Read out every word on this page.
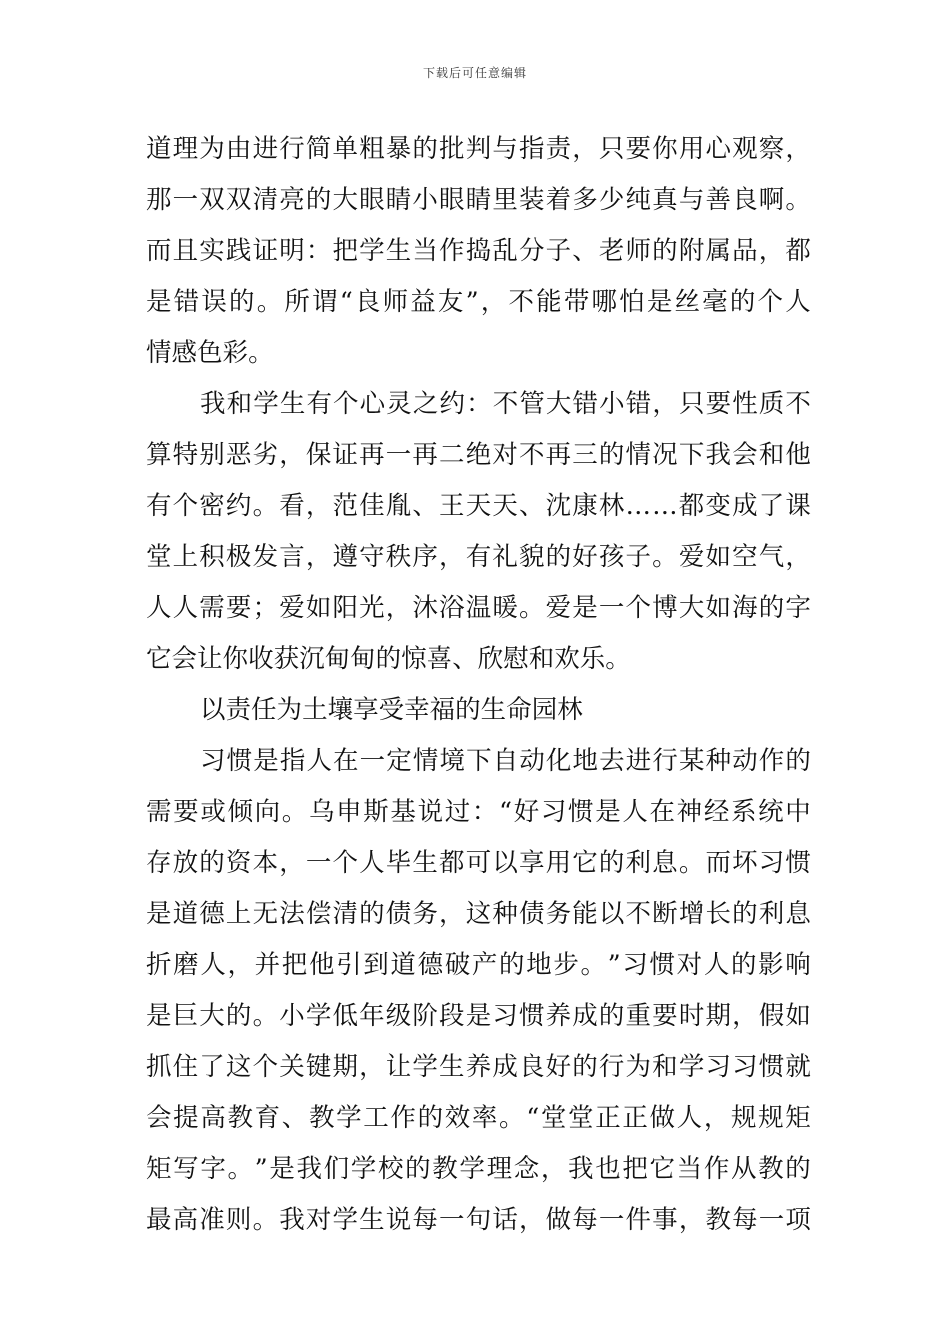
下载后可任意编辑
道 理 为 由 进 行 简 单 粗 暴 的 批 判 与 指 责 ， 只 要 你 用 心 观 察 ，
那 一 双 双 清 亮 的 大 眼 睛 小 眼 睛 里 装 着 多 少 纯 真 与 善 良 啊 。
而 且 实 践 证 明 ： 把 学 生 当 作 捣 乱 分 子 、 老 师 的 附 属 品 ， 都
是 错 误 的 。 所 谓 “ 良 师 益 友 ” ， 不 能 带 哪 怕 是 丝 毫 的 个 人
情 感 色 彩 。
我 和 学 生 有 个 心 灵 之 约 ： 不 管 大 错 小 错 ， 只 要 性 质 不
算 特 别 恶 劣 ， 保 证 再 一 再 二 绝 对 不 再 三 的 情 况 下 我 会 和 他
有 个 密 约 。 看 ， 范 佳 胤 、 王 天 天 、 沈 康 林 … … 都 变 成 了 课
堂 上 积 极 发 言 ， 遵 守 秩 序 ， 有 礼 貌 的 好 孩 子 。 爱 如 空 气 ，
人 人 需 要 ； 爱 如 阳 光 ， 沐 浴 温 暖 。 爱 是 一 个 博 大 如 海 的 字
它 会 让 你 收 获 沉 甸 甸 的 惊 喜 、 欣 慰 和 欢 乐 。
以 责 任 为 土 壤 享 受 幸 福 的 生 命 园 林
习 惯 是 指 人 在 一 定 情 境 下 自 动 化 地 去 进 行 某 种 动 作 的
需 要 或 倾 向 。 乌 申 斯 基 说 过 ： “ 好 习 惯 是 人 在 神 经 系 统 中
存 放 的 资 本 ， 一 个 人 毕 生 都 可 以 享 用 它 的 利 息 。 而 坏 习 惯
是 道 德 上 无 法 偿 清 的 债 务 ， 这 种 债 务 能 以 不 断 增 长 的 利 息
折 磨 人 ， 并 把 他 引 到 道 德 破 产 的 地 步 。 ” 习 惯 对 人 的 影 响
是 巨 大 的 。 小 学 低 年 级 阶 段 是 习 惯 养 成 的 重 要 时 期 ， 假 如
抓 住 了 这 个 关 键 期 ， 让 学 生 养 成 良 好 的 行 为 和 学 习 习 惯 就
会 提 高 教 育 、 教 学 工 作 的 效 率 。 “ 堂 堂 正 正 做 人 ， 规 规 矩
矩 写 字 。 ” 是 我 们 学 校 的 教 学 理 念 ， 我 也 把 它 当 作 从 教 的
最 高 准 则 。 我 对 学 生 说 每 一 句 话 ， 做 每 一 件 事 ， 教 每 一 项
